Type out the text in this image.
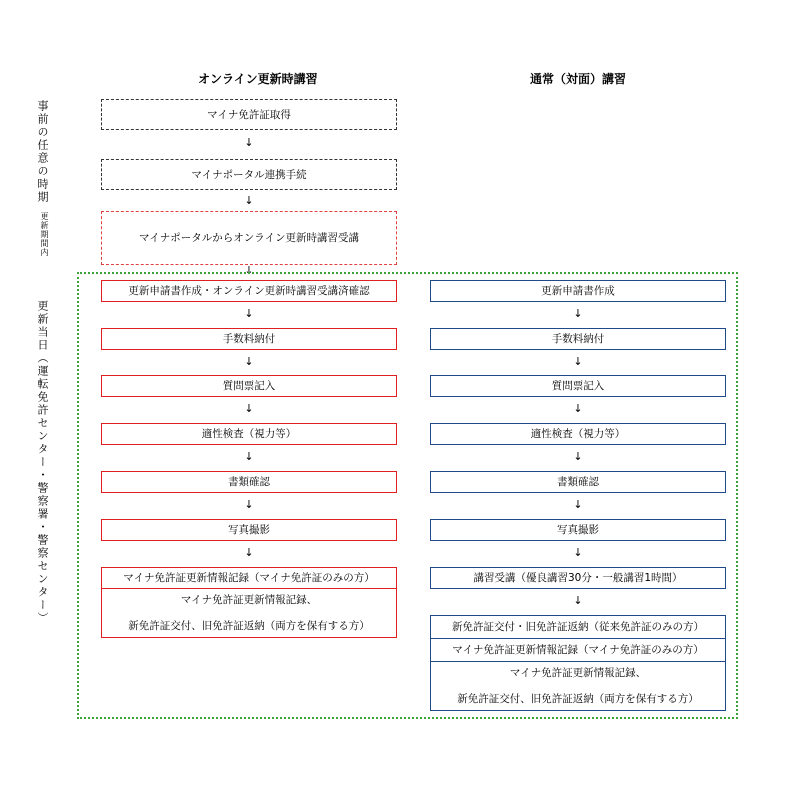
オンライン更新時講習	通常（対面）講習
事前の任意の時期
更新期間内
更新当日（運転免許センター・警察署・警察センター）
マイナ免許証取得
↓
マイナポータル連携手続
↓
マイナポータルからオンライン更新時講習受講
↓
更新申請書作成・オンライン更新時講習受講済確認
↓
手数料納付
↓
質問票記入
↓
適性検査（視力等）
↓
書類確認
↓
写真撮影
↓
マイナ免許証更新情報記録（マイナ免許証のみの方）
マイナ免許証更新情報記録、
新免許証交付、旧免許証返納（両方を保有する方）
更新申請書作成
↓
手数料納付
↓
質問票記入
↓
適性検査（視力等）
↓
書類確認
↓
写真撮影
↓
講習受講（優良講習30分・一般講習1時間）
↓
新免許証交付・旧免許証返納（従来免許証のみの方）
マイナ免許証更新情報記録（マイナ免許証のみの方）
マイナ免許証更新情報記録、
新免許証交付、旧免許証返納（両方を保有する方）
